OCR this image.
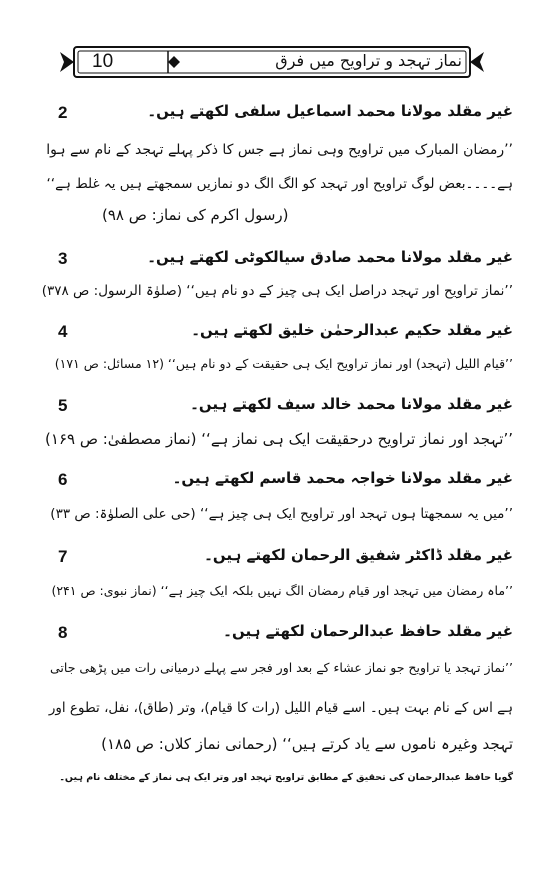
10	نماز تہجد و تراویح میں فرق
2	غیر مقلد مولانا محمد اسماعیل سلفی لکھتے ہیں۔
’’رمضان المبارک میں تراویح وہی نماز ہے جس کا ذکر پہلے تہجد کے نام سے ہوا
ہے۔۔۔۔بعض لوگ تراویح اور تہجد کو الگ الگ دو نمازیں سمجھتے ہیں یہ غلط ہے‘‘
(رسول اکرم کی نماز: ص ۹۸)
3	غیر مقلد مولانا محمد صادق سیالکوٹی لکھتے ہیں۔
’’نماز تراویح اور تہجد دراصل ایک ہی چیز کے دو نام ہیں‘‘ (صلوٰۃ الرسول: ص ۳۷۸)
4	غیر مقلد حکیم عبدالرحمٰن خلیق لکھتے ہیں۔
’’قیام اللیل (تہجد) اور نماز تراویح ایک ہی حقیقت کے دو نام ہیں‘‘ (۱۲ مسائل: ص ۱۷۱)
5	غیر مقلد مولانا محمد خالد سیف لکھتے ہیں۔
’’تہجد اور نماز تراویح درحقیقت ایک ہی نماز ہے‘‘ (نماز مصطفیٰ: ص ۱۶۹)
6	غیر مقلد مولانا خواجہ محمد قاسم لکھتے ہیں۔
’’میں یہ سمجھتا ہوں تہجد اور تراویح ایک ہی چیز ہے‘‘ (حی علی الصلوٰۃ: ص ۳۳)
7	غیر مقلد ڈاکٹر شفیق الرحمان لکھتے ہیں۔
’’ماہ رمضان میں تہجد اور قیام رمضان الگ نہیں بلکہ ایک چیز ہے‘‘ (نماز نبوی: ص ۲۴۱)
8	غیر مقلد حافظ عبدالرحمان لکھتے ہیں۔
’’نماز تہجد یا تراویح جو نماز عشاء کے بعد اور فجر سے پہلے درمیانی رات میں پڑھی جاتی
ہے اس کے نام بہت ہیں۔ اسے قیام اللیل (رات کا قیام)، وتر (طاق)، نفل، تطوع اور
تہجد وغیرہ ناموں سے یاد کرتے ہیں‘‘ (رحمانی نماز کلاں: ص ۱۸۵)
گویا حافظ عبدالرحمان کی تحقیق کے مطابق تراویح تہجد اور وتر ایک ہی نماز کے مختلف نام ہیں۔
